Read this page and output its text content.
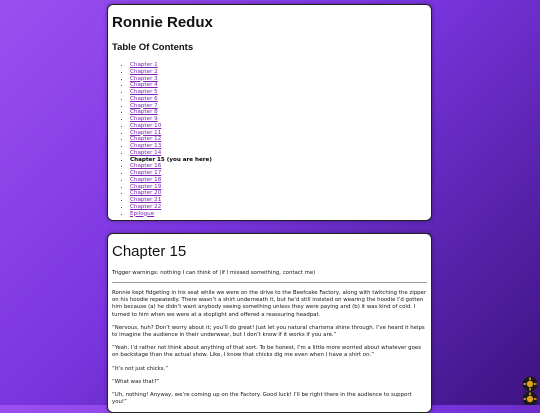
Ronnie Redux
Table Of Contents
• Chapter 1
• Chapter 2
• Chapter 3
• Chapter 4
• Chapter 5
• Chapter 6
• Chapter 7
• Chapter 8
• Chapter 9
• Chapter 10
• Chapter 11
• Chapter 12
• Chapter 13
• Chapter 14
• Chapter 15 (you are here)
• Chapter 16
• Chapter 17
• Chapter 18
• Chapter 19
• Chapter 20
• Chapter 21
• Chapter 22
• Epilogue
Chapter 15

Trigger warnings: nothing I can think of (if I missed something, contact me)

Ronnie kept fidgeting in his seat while we were on the drive to the Beefcake Factory, along with twitching the zipper on his hoodie repeatedly. There wasn’t a shirt underneath it, but he’d still insisted on wearing the hoodie I’d gotten him because (a) he didn’t want anybody seeing something unless they were paying and (b) it was kind of cold. I turned to him when we were at a stoplight and offered a reassuring headpat.

“Nervous, huh? Don’t worry about it; you’ll do great! Just let you natural charisma shine through. I’ve heard it helps to imagine the audience in their underwear, but I don’t know if it works if you are.”

“Yeah, I’d rather not think about anything of that sort. To be honest, I’m a little more worried about whatever goes on backstage than the actual show. Like, I know that chicks dig me even when I have a shirt on.”

“It’s not just chicks.”

“What was that?”

“Uh, nothing! Anyway, we’re coming up on the Factory. Good luck! I’ll be right there in the audience to support you!”
